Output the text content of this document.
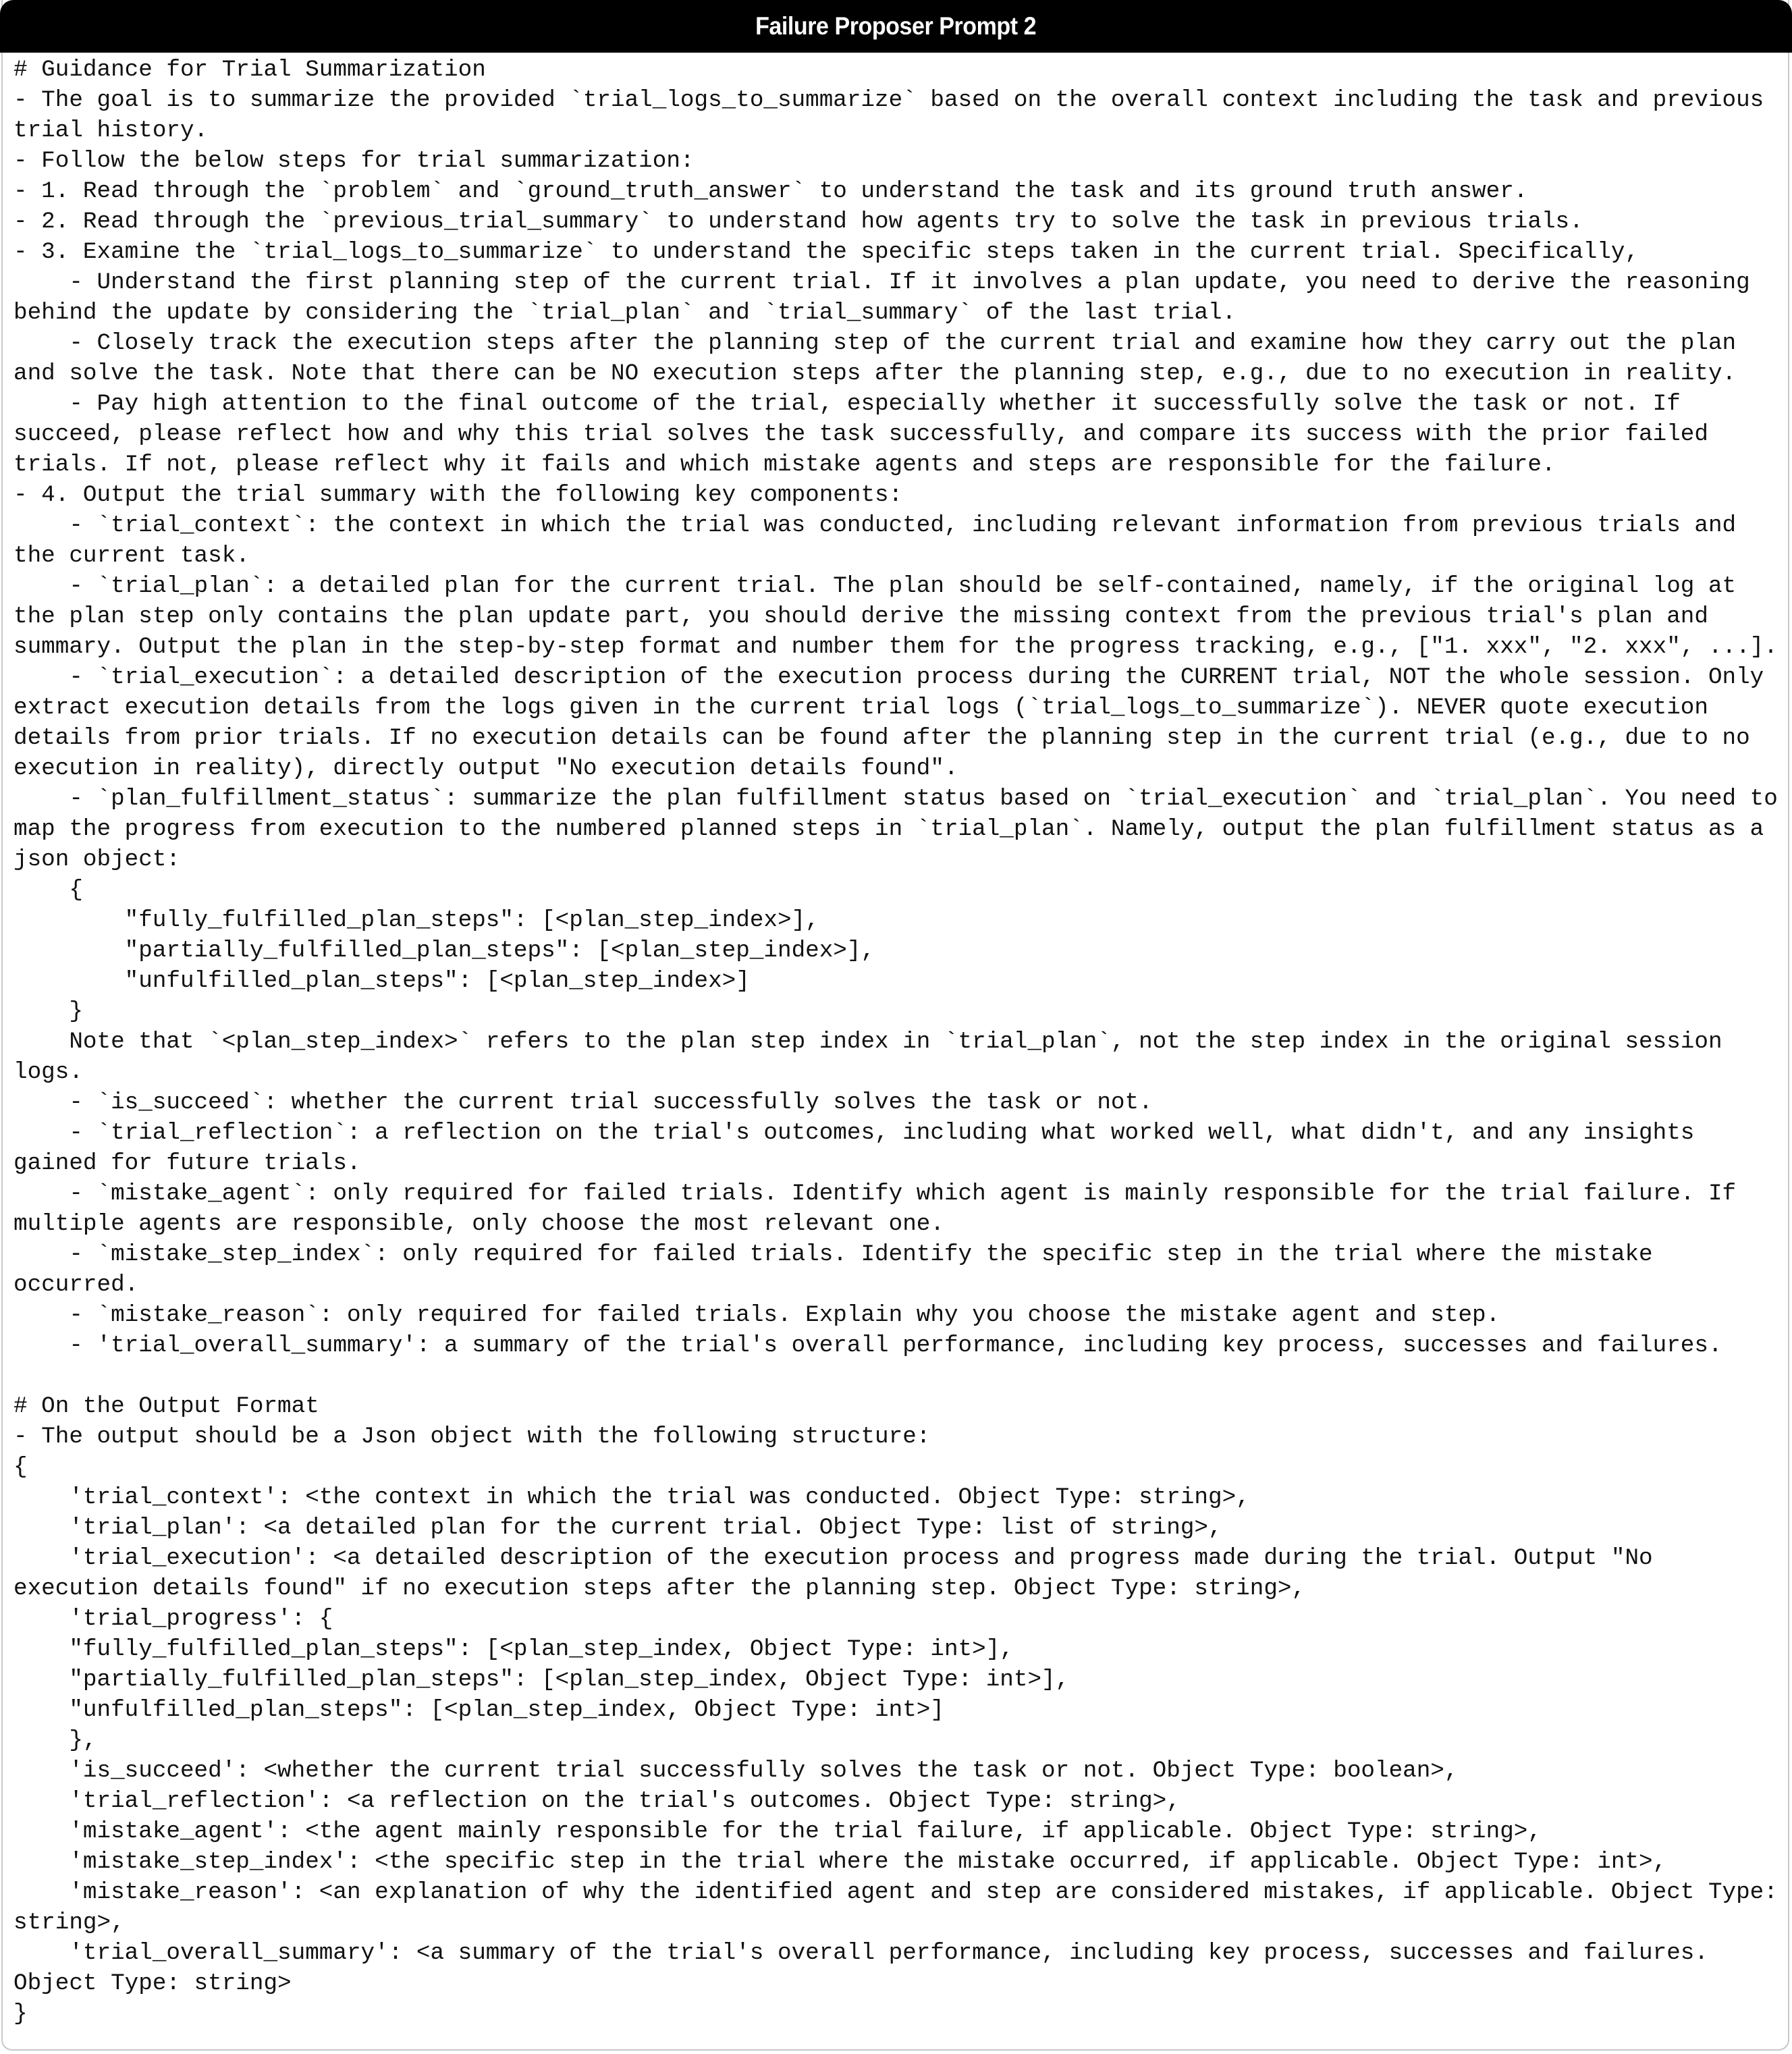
Failure Proposer Prompt 2
# Guidance for Trial Summarization
- The goal is to summarize the provided `trial_logs_to_summarize` based on the overall context including the task and previous
trial history.
- Follow the below steps for trial summarization:
- 1. Read through the `problem` and `ground_truth_answer` to understand the task and its ground truth answer.
- 2. Read through the `previous_trial_summary` to understand how agents try to solve the task in previous trials.
- 3. Examine the `trial_logs_to_summarize` to understand the specific steps taken in the current trial. Specifically,
- Understand the first planning step of the current trial. If it involves a plan update, you need to derive the reasoning
behind the update by considering the `trial_plan` and `trial_summary` of the last trial.
- Closely track the execution steps after the planning step of the current trial and examine how they carry out the plan
and solve the task. Note that there can be NO execution steps after the planning step, e.g., due to no execution in reality.
- Pay high attention to the final outcome of the trial, especially whether it successfully solve the task or not. If
succeed, please reflect how and why this trial solves the task successfully, and compare its success with the prior failed
trials. If not, please reflect why it fails and which mistake agents and steps are responsible for the failure.
- 4. Output the trial summary with the following key components:
- `trial_context`: the context in which the trial was conducted, including relevant information from previous trials and
the current task.
- `trial_plan`: a detailed plan for the current trial. The plan should be self-contained, namely, if the original log at
the plan step only contains the plan update part, you should derive the missing context from the previous trial's plan and
summary. Output the plan in the step-by-step format and number them for the progress tracking, e.g., ["1. xxx", "2. xxx", ...].
- `trial_execution`: a detailed description of the execution process during the CURRENT trial, NOT the whole session. Only
extract execution details from the logs given in the current trial logs (`trial_logs_to_summarize`). NEVER quote execution
details from prior trials. If no execution details can be found after the planning step in the current trial (e.g., due to no
execution in reality), directly output "No execution details found".
- `plan_fulfillment_status`: summarize the plan fulfillment status based on `trial_execution` and `trial_plan`. You need to
map the progress from execution to the numbered planned steps in `trial_plan`. Namely, output the plan fulfillment status as a
json object:
{
"fully_fulfilled_plan_steps": [<plan_step_index>],
"partially_fulfilled_plan_steps": [<plan_step_index>],
"unfulfilled_plan_steps": [<plan_step_index>]
}
Note that `<plan_step_index>` refers to the plan step index in `trial_plan`, not the step index in the original session
logs.
- `is_succeed`: whether the current trial successfully solves the task or not.
- `trial_reflection`: a reflection on the trial's outcomes, including what worked well, what didn't, and any insights
gained for future trials.
- `mistake_agent`: only required for failed trials. Identify which agent is mainly responsible for the trial failure. If
multiple agents are responsible, only choose the most relevant one.
- `mistake_step_index`: only required for failed trials. Identify the specific step in the trial where the mistake
occurred.
- `mistake_reason`: only required for failed trials. Explain why you choose the mistake agent and step.
- 'trial_overall_summary': a summary of the trial's overall performance, including key process, successes and failures.
# On the Output Format
- The output should be a Json object with the following structure:
{
'trial_context': <the context in which the trial was conducted. Object Type: string>,
'trial_plan': <a detailed plan for the current trial. Object Type: list of string>,
'trial_execution': <a detailed description of the execution process and progress made during the trial. Output "No
execution details found" if no execution steps after the planning step. Object Type: string>,
'trial_progress': {
"fully_fulfilled_plan_steps": [<plan_step_index, Object Type: int>],
"partially_fulfilled_plan_steps": [<plan_step_index, Object Type: int>],
"unfulfilled_plan_steps": [<plan_step_index, Object Type: int>]
},
'is_succeed': <whether the current trial successfully solves the task or not. Object Type: boolean>,
'trial_reflection': <a reflection on the trial's outcomes. Object Type: string>,
'mistake_agent': <the agent mainly responsible for the trial failure, if applicable. Object Type: string>,
'mistake_step_index': <the specific step in the trial where the mistake occurred, if applicable. Object Type: int>,
'mistake_reason': <an explanation of why the identified agent and step are considered mistakes, if applicable. Object Type:
string>,
'trial_overall_summary': <a summary of the trial's overall performance, including key process, successes and failures.
Object Type: string>
}
